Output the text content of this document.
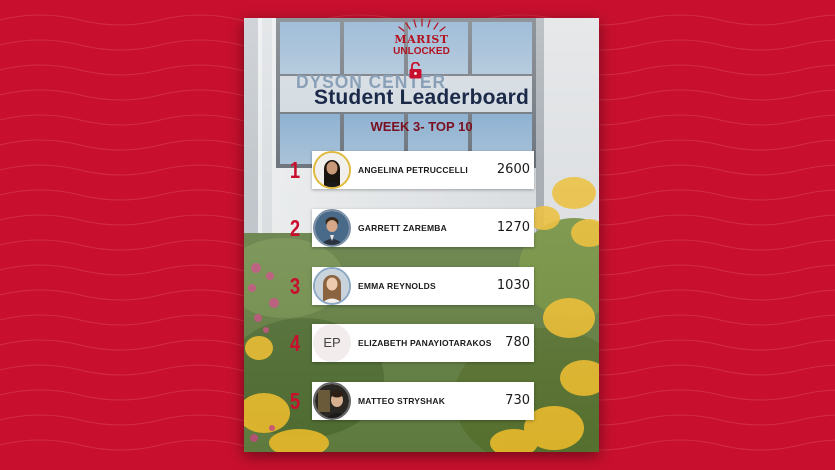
MARIST
UNLOCKED
Student Leaderboard
WEEK 3- TOP 10
1	ANGELINA PETRUCCELLI 2600
2	GARRETT ZAREMBA	1270
3	EMMA REYNOLDS	1030
4	EP	ELIZABETH PANAYIOTARAKOS 780
5	MATTEO STRYSHAK	730
